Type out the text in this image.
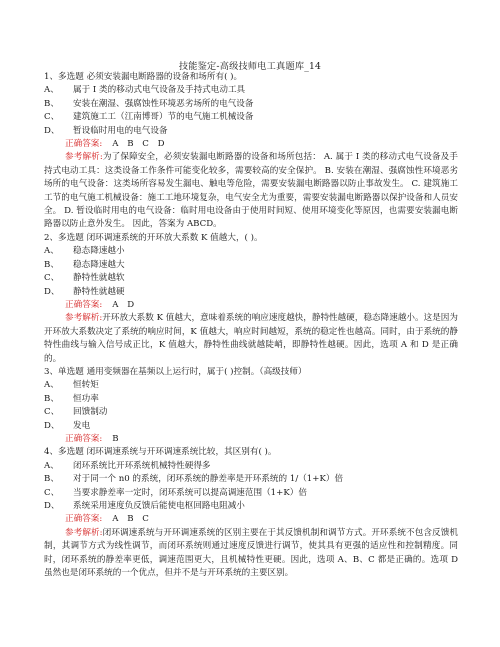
技能鉴定-高级技师电工真题库_14
1、多选题 必须安装漏电断路器的设备和场所有( )。
A、 属于 I 类的移动式电气设备及手持式电动工具
B、 安装在潮湿、强腐蚀性环境恶劣场所的电气设备
C、 建筑施工工（江南博哥）节的电气施工机械设备
D、 暂设临时用电的电气设备
正确答案: A B C D
参考解析:为了保障安全，必须安装漏电断路器的设备和场所包括： A. 属于 I 类的移动式电气设备及手持式电动工具：这类设备工作条件可能变化较多，需要较高的安全保护。 B. 安装在潮湿、强腐蚀性环境恶劣场所的电气设备：这类场所容易发生漏电、触电等危险，需要安装漏电断路器以防止事故发生。 C. 建筑施工工节的电气施工机械设备：施工工地环境复杂，电气安全尤为重要，需要安装漏电断路器以保护设备和人员安全。 D. 暂设临时用电的电气设备：临时用电设备由于使用时间短、使用环境变化等原因，也需要安装漏电断路器以防止意外发生。 因此，答案为 ABCD。
2、多选题 闭环调速系统的开环放大系数 K 值越大，( )。
A、 稳态降速越小
B、 稳态降速越大
C、 静特性就越软
D、 静特性就越硬
正确答案: A D
参考解析:开环放大系数 K 值越大，意味着系统的响应速度越快，静特性越硬，稳态降速越小。这是因为开环放大系数决定了系统的响应时间，K 值越大，响应时间越短，系统的稳定性也越高。同时，由于系统的静特性曲线与输入信号成正比，K 值越大，静特性曲线就越陡峭，即静特性越硬。因此，选项 A 和 D 是正确的。
3、单选题 通用变频器在基频以上运行时，属于( )控制。（高级技师）
A、 恒转矩
B、 恒功率
C、 回馈制动
D、 发电
正确答案: B
4、多选题 闭环调速系统与开环调速系统比较，其区别有( )。
A、 闭环系统比开环系统机械特性硬得多
B、 对于同一个 n0 的系统，闭环系统的静差率是开环系统的 1/（1+K）倍
C、 当要求静差率一定时，闭环系统可以提高调速范围（1+K）倍
D、 系统采用速度负反馈后能使电枢回路电阻减小
正确答案: A B C
参考解析:闭环调速系统与开环调速系统的区别主要在于其反馈机制和调节方式。开环系统不包含反馈机制，其调节方式为线性调节，而闭环系统则通过速度反馈进行调节，使其具有更强的适应性和控制精度。同时，闭环系统的静差率更低，调速范围更大，且机械特性更硬。因此，选项 A、B、C 都是正确的。选项 D 虽然也是闭环系统的一个优点，但并不是与开环系统的主要区别。
